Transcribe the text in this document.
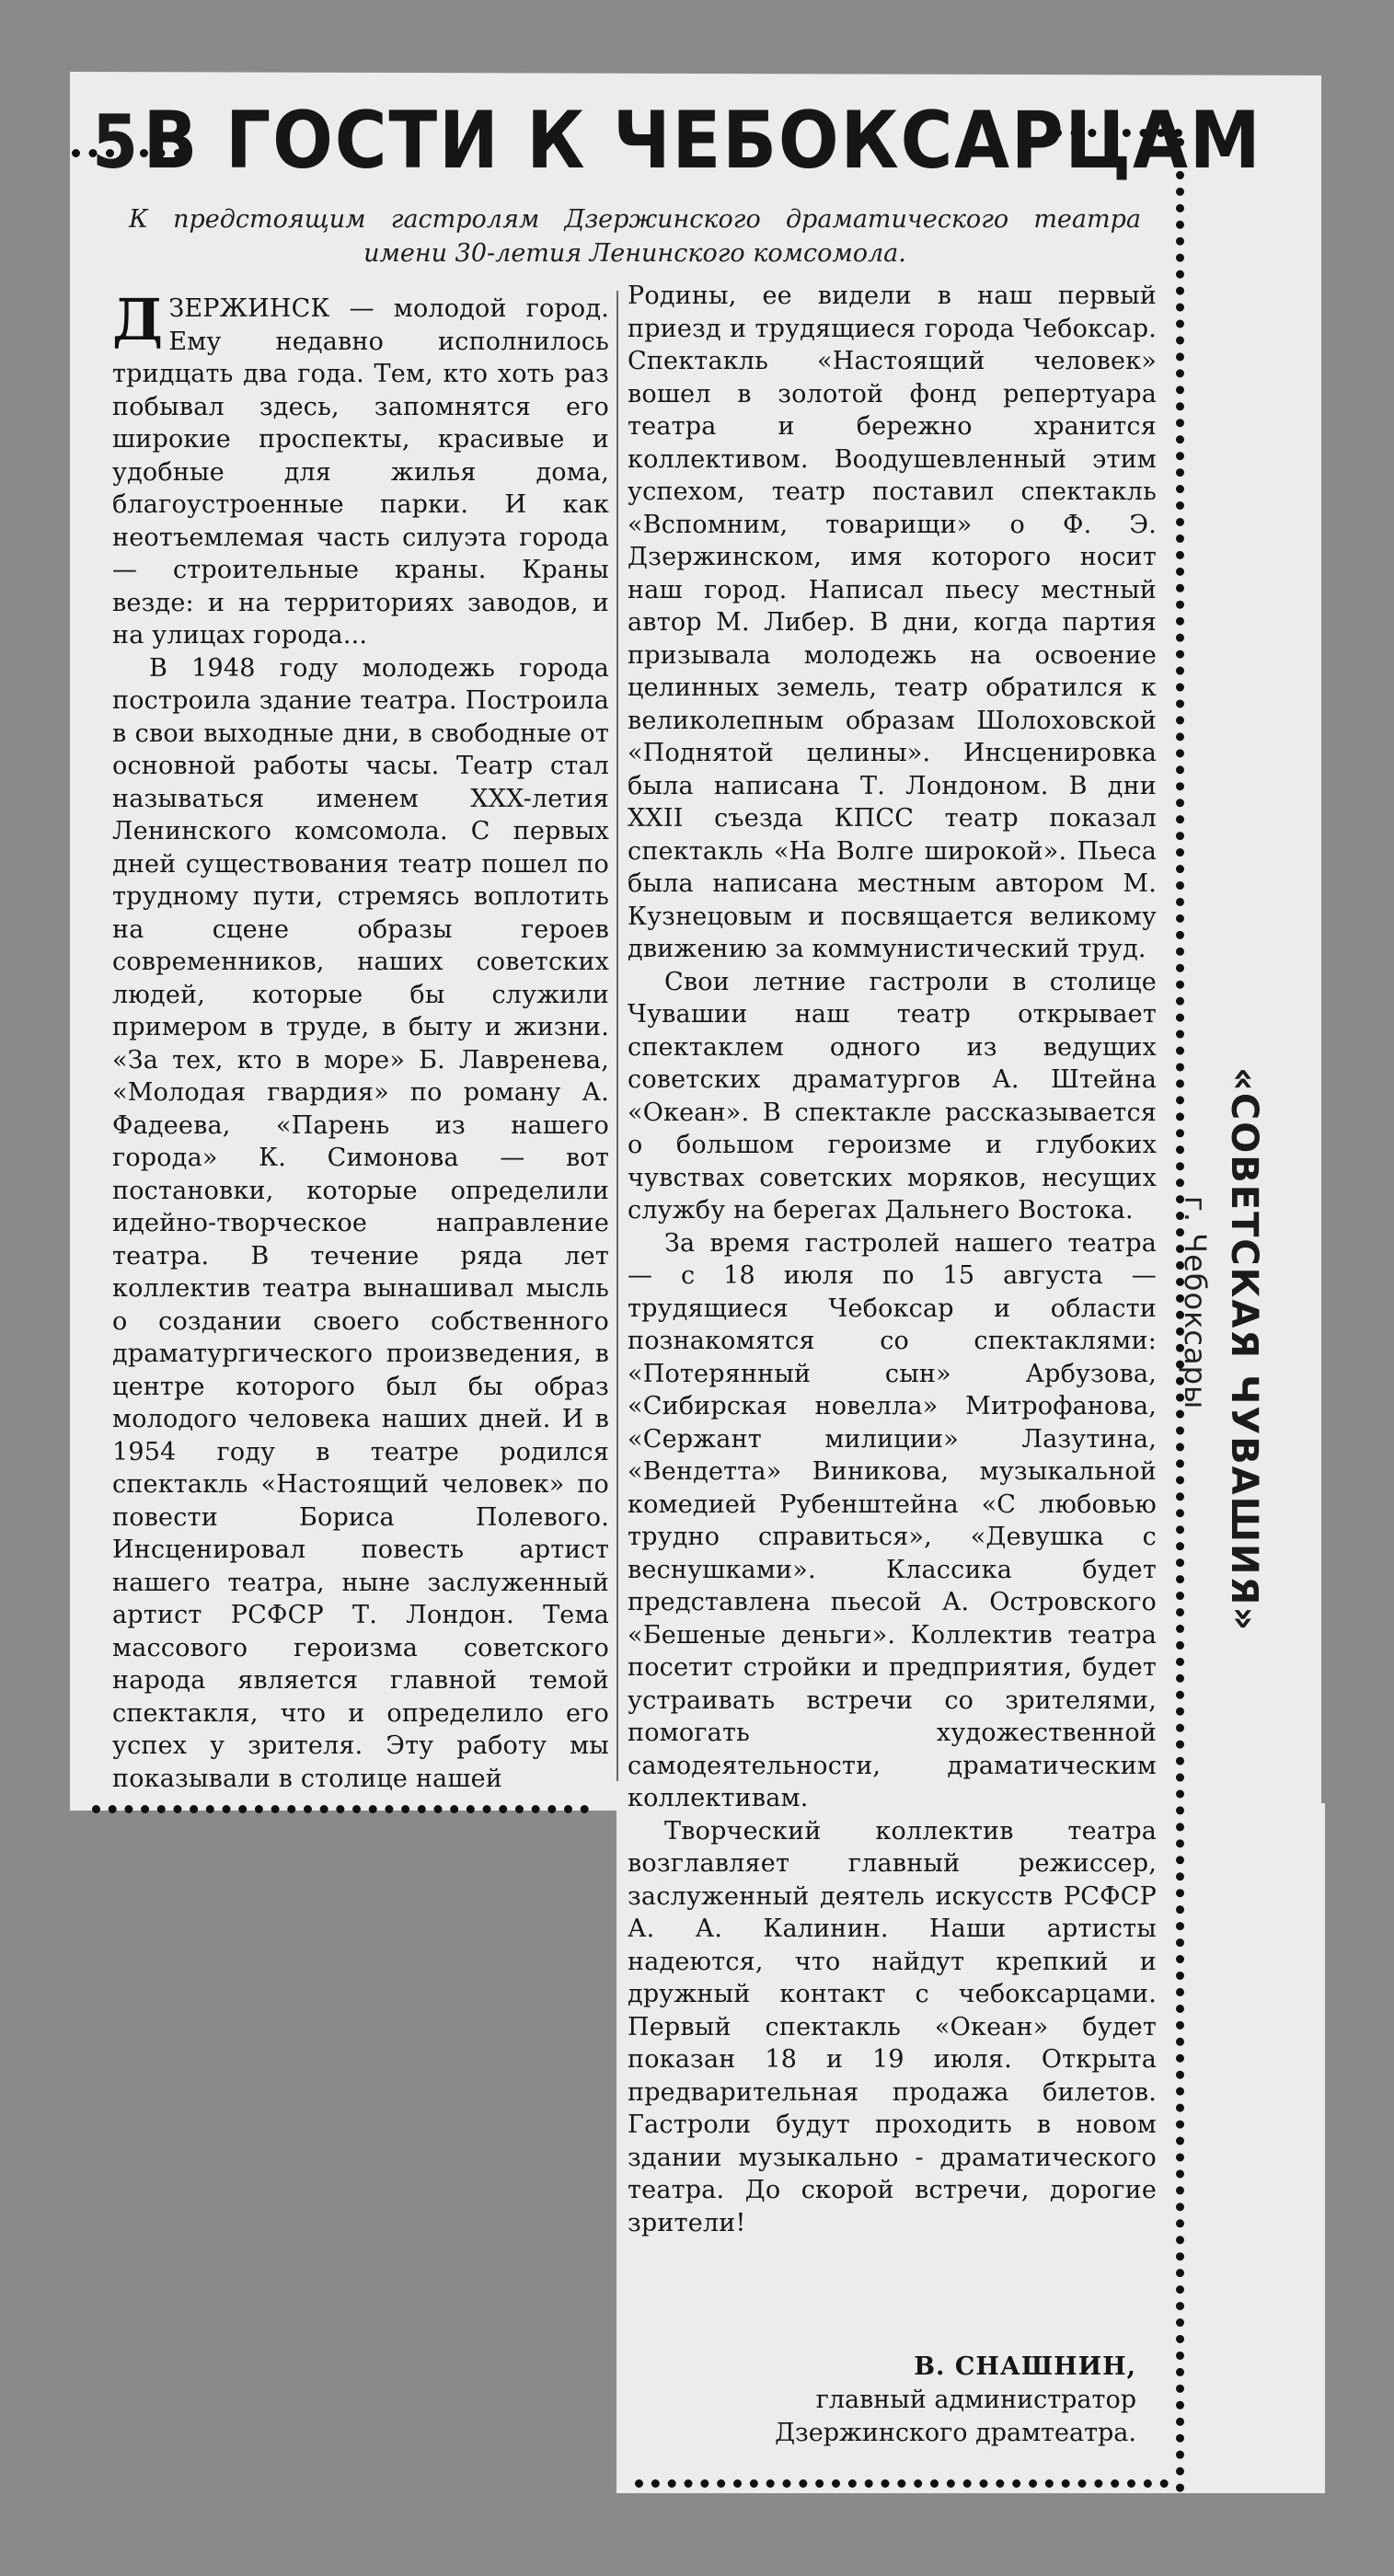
5В ГОСТИ К ЧЕБОКСАРЦАМ
К предстоящим гастролям Дзержинского драматического театра имени 30-летия Ленинского комсомола.

ДЗЕРЖИНСК — молодой город. Ему недавно исполнилось тридцать два года. Тем, кто хоть раз побывал здесь, запомнятся его широкие проспекты, красивые и удобные для жилья дома, благоустроенные парки. И как неотъемлемая часть силуэта города — строительные краны. Краны везде: и на территориях заводов, и на улицах города...

В 1948 году молодежь города построила здание театра. Построила в свои выходные дни, в свободные от основной работы часы. Театр стал называться именем XXX-летия Ленинского комсомола. С первых дней существования театр пошел по трудному пути, стремясь воплотить на сцене образы героев современников, наших советских людей, которые бы служили примером в труде, в быту и жизни. «За тех, кто в море» Б. Лавренева, «Молодая гвардия» по роману А. Фадеева, «Парень из нашего города» К. Симонова — вот постановки, которые определили идейно-творческое направление театра. В течение ряда лет коллектив театра вынашивал мысль о создании своего собственного драматургического произведения, в центре которого был бы образ молодого человека наших дней. И в 1954 году в театре родился спектакль «Настоящий человек» по повести Бориса Полевого. Инсценировал повесть артист нашего театра, ныне заслуженный артист РСФСР Т. Лондон. Тема массового героизма советского народа является главной темой спектакля, что и определило его успех у зрителя. Эту работу мы показывали в столице нашей

Родины, ее видели в наш первый приезд и трудящиеся города Чебоксар. Спектакль «Настоящий человек» вошел в золотой фонд репертуара театра и бережно хранится коллективом. Воодушевленный этим успехом, театр поставил спектакль «Вспомним, товарищи» о Ф. Э. Дзержинском, имя которого носит наш город. Написал пьесу местный автор М. Либер. В дни, когда партия призывала молодежь на освоение целинных земель, театр обратился к великолепным образам Шолоховской «Поднятой целины». Инсценировка была написана Т. Лондоном. В дни XXII съезда КПСС театр показал спектакль «На Волге широкой». Пьеса была написана местным автором М. Кузнецовым и посвящается великому движению за коммунистический труд.

Свои летние гастроли в столице Чувашии наш театр открывает спектаклем одного из ведущих советских драматургов А. Штейна «Океан». В спектакле рассказывается о большом героизме и глубоких чувствах советских моряков, несущих службу на берегах Дальнего Востока.

За время гастролей нашего театра — с 18 июля по 15 августа — трудящиеся Чебоксар и области познакомятся со спектаклями: «Потерянный сын» Арбузова, «Сибирская новелла» Митрофанова, «Сержант милиции» Лазутина, «Вендетта» Виникова, музыкальной комедией Рубенштейна «С любовью трудно справиться», «Девушка с веснушками». Классика будет представлена пьесой А. Островского «Бешеные деньги». Коллектив театра посетит стройки и предприятия, будет устраивать встречи со зрителями, помогать художественной самодеятельности, драматическим коллективам.

Творческий коллектив театра возглавляет главный режиссер, заслуженный деятель искусств РСФСР А. А. Калинин. Наши артисты надеются, что найдут крепкий и дружный контакт с чебоксарцами. Первый спектакль «Океан» будет показан 18 и 19 июля. Открыта предварительная продажа билетов. Гастроли будут проходить в новом здании музыкально - драматического театра. До скорой встречи, дорогие зрители!

В. СНАШНИН,
главный администратор
Дзержинского драмтеатра.
«СОВЕТСКАЯ ЧУВАШИЯ»
г. Чебоксары
